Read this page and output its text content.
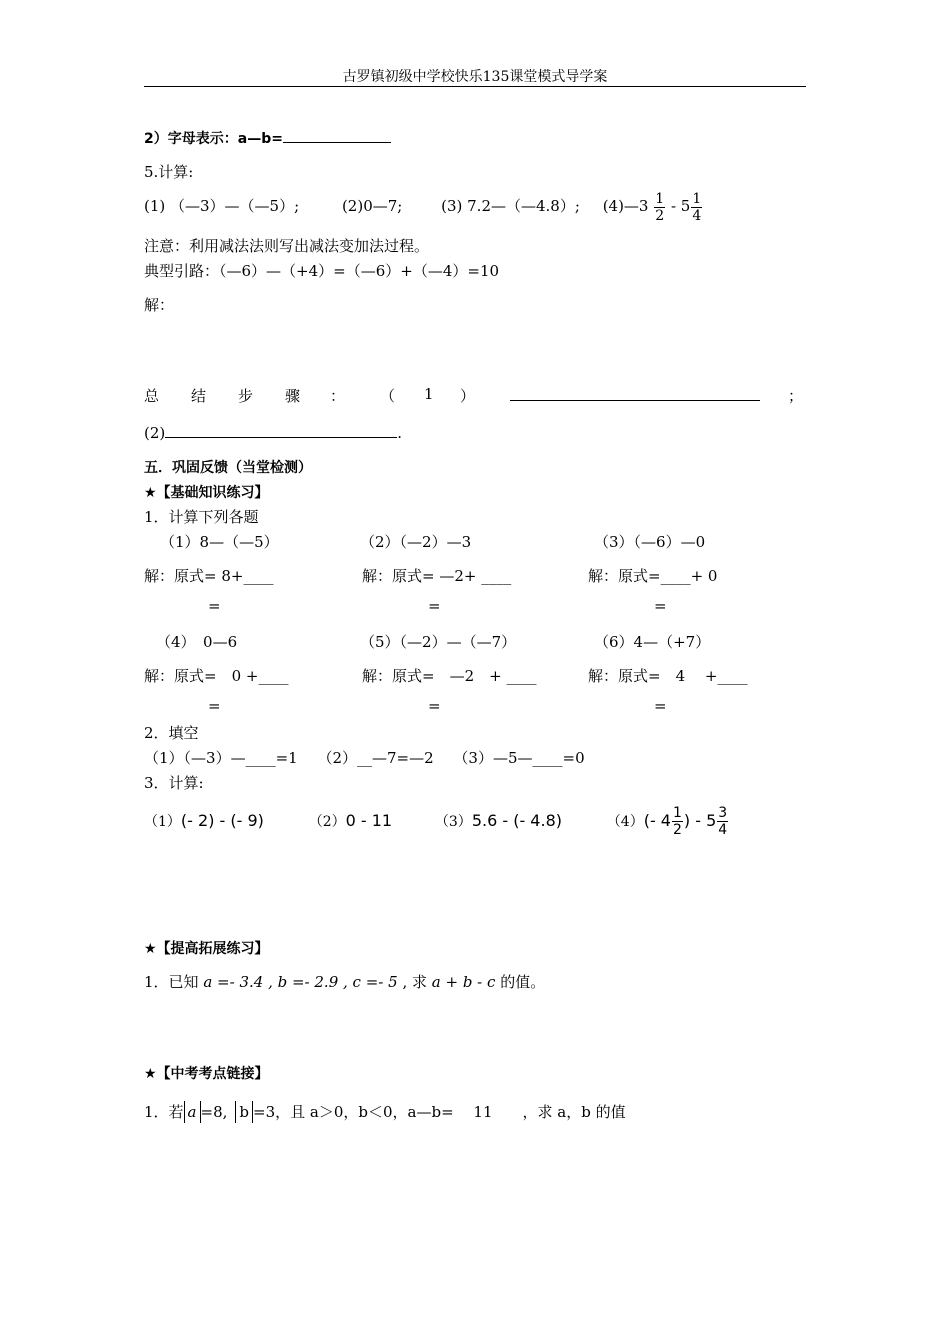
古罗镇初级中学校快乐135课堂模式导学案
2）字母表示：a—b=
5.计算:
(1) （—3）—（—5）;	(2)0—7;	(3) 7.2—（—4.8）; (4)—3 $\frac{1}{2} - 5 \frac{1}{4}$
注意：利用减法法则写出减法变加法过程。
典型引路：（—6）—（+4）=（—6）+（—4）=10
解：
总 结 步 骤 ： （ 1 ）	；
(2)	.
五．巩固反馈（当堂检测）
★【基础知识练习】
1．计算下列各题
（1）8—（—5）	（2）（—2）—3	（3）（—6）—0
解：原式= 8+____	解：原式= —2+ ____	解：原式=____+ 0
=	=	=
（4）　0—6	（5）（—2）—（—7）	（6）4—（+7）
解：原式=　0 +____	解：原式=　—2　+ ____	解：原式=　4　 +____
=	=	=
2．填空
（1）（—3）—____=1　 （2）__—7=—2　 （3）—5—____=0
3．计算:
（1）(- 2) - (- 9)	（2）0 - 11	（3）5.6 - (- 4.8)	（4）(- $4 \frac{1}{2}$ ) - $5 \frac{3}{4}$
★【提高拓展练习】
1．已知 a =- 3.4 , b =- 2.9 , c =- 5 , 求 a + b - c 的值。
★【中考考点链接】
1．若 a =8, b =3，且 a＞0，b＜0，a—b=　 11　　，求 a，b 的值
